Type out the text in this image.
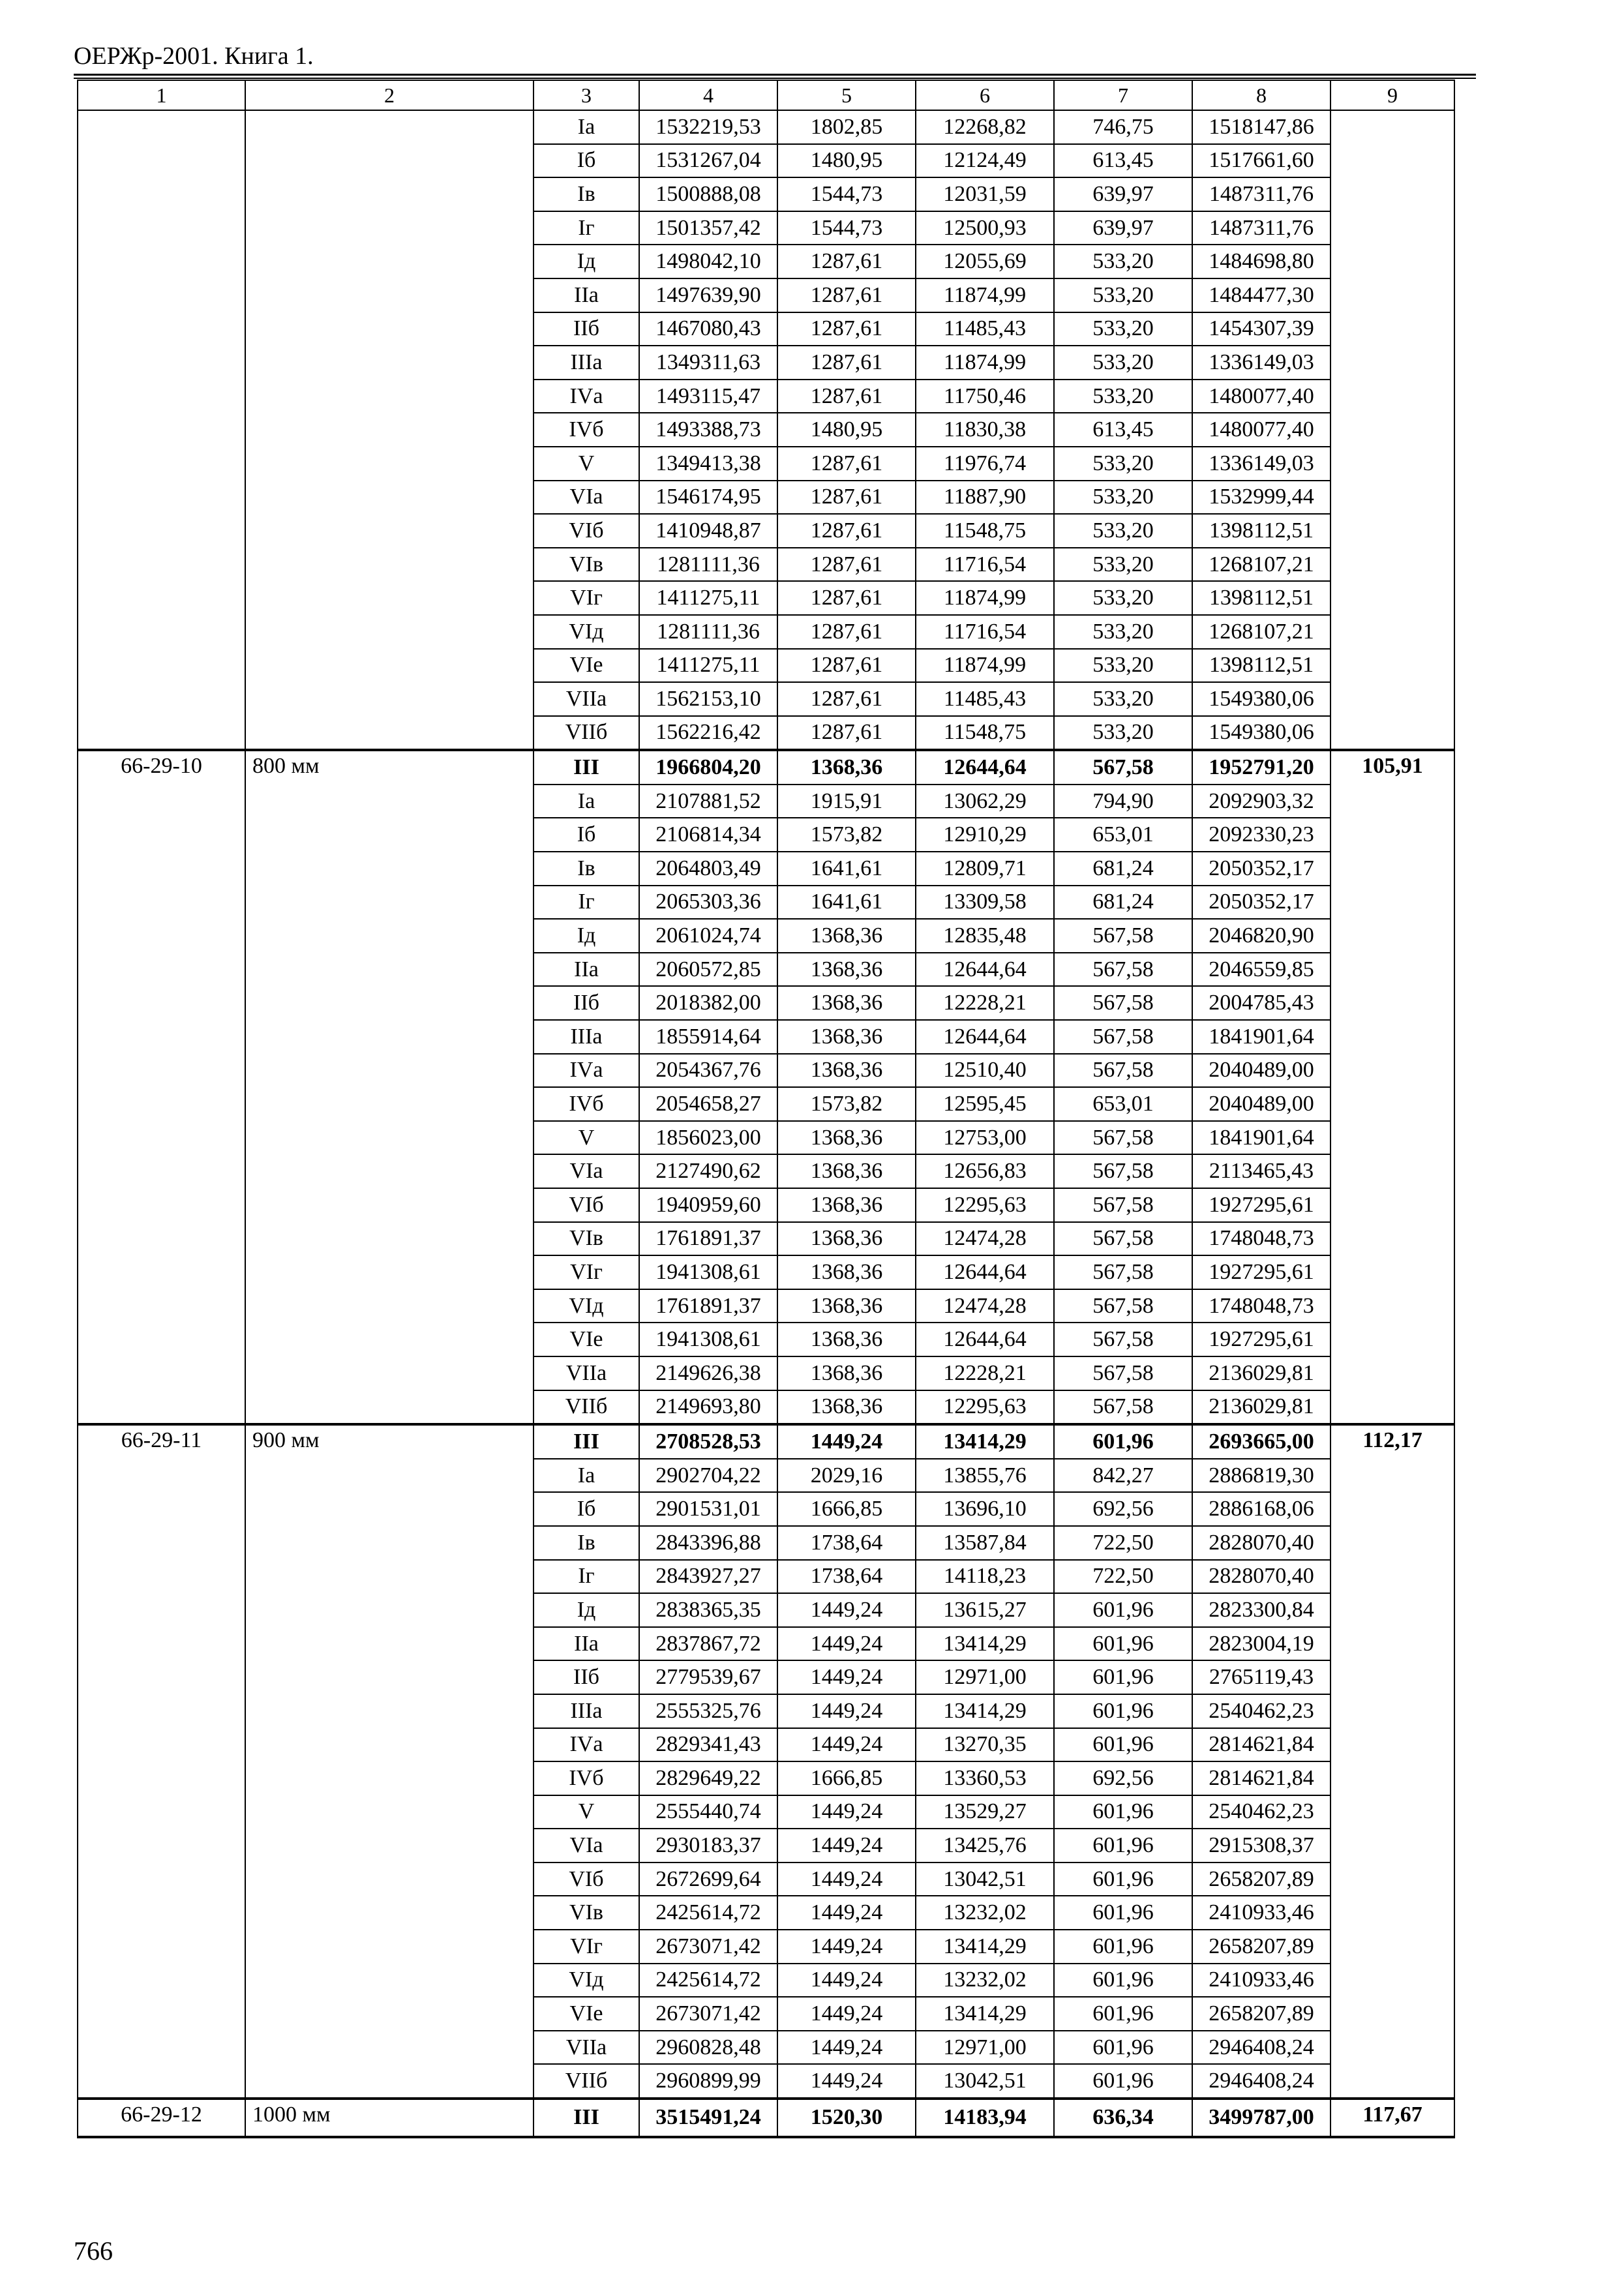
ОЕРЖр-2001. Книга 1.
1	2	3	4	5	6	7	8	9
		Iа	1532219,53	1802,85	12268,82	746,75	1518147,86	
		Iб	1531267,04	1480,95	12124,49	613,45	1517661,60	
		Iв	1500888,08	1544,73	12031,59	639,97	1487311,76	
		Iг	1501357,42	1544,73	12500,93	639,97	1487311,76	
		Iд	1498042,10	1287,61	12055,69	533,20	1484698,80	
		IIа	1497639,90	1287,61	11874,99	533,20	1484477,30	
		IIб	1467080,43	1287,61	11485,43	533,20	1454307,39	
		IIIа	1349311,63	1287,61	11874,99	533,20	1336149,03	
		IVа	1493115,47	1287,61	11750,46	533,20	1480077,40	
		IVб	1493388,73	1480,95	11830,38	613,45	1480077,40	
		V	1349413,38	1287,61	11976,74	533,20	1336149,03	
		VIа	1546174,95	1287,61	11887,90	533,20	1532999,44	
		VIб	1410948,87	1287,61	11548,75	533,20	1398112,51	
		VIв	1281111,36	1287,61	11716,54	533,20	1268107,21	
		VIг	1411275,11	1287,61	11874,99	533,20	1398112,51	
		VIд	1281111,36	1287,61	11716,54	533,20	1268107,21	
		VIе	1411275,11	1287,61	11874,99	533,20	1398112,51	
		VIIа	1562153,10	1287,61	11485,43	533,20	1549380,06	
		VIIб	1562216,42	1287,61	11548,75	533,20	1549380,06	
66-29-10	800 мм	III	1966804,20	1368,36	12644,64	567,58	1952791,20	105,91
		Iа	2107881,52	1915,91	13062,29	794,90	2092903,32	
		Iб	2106814,34	1573,82	12910,29	653,01	2092330,23	
		Iв	2064803,49	1641,61	12809,71	681,24	2050352,17	
		Iг	2065303,36	1641,61	13309,58	681,24	2050352,17	
		Iд	2061024,74	1368,36	12835,48	567,58	2046820,90	
		IIа	2060572,85	1368,36	12644,64	567,58	2046559,85	
		IIб	2018382,00	1368,36	12228,21	567,58	2004785,43	
		IIIа	1855914,64	1368,36	12644,64	567,58	1841901,64	
		IVа	2054367,76	1368,36	12510,40	567,58	2040489,00	
		IVб	2054658,27	1573,82	12595,45	653,01	2040489,00	
		V	1856023,00	1368,36	12753,00	567,58	1841901,64	
		VIа	2127490,62	1368,36	12656,83	567,58	2113465,43	
		VIб	1940959,60	1368,36	12295,63	567,58	1927295,61	
		VIв	1761891,37	1368,36	12474,28	567,58	1748048,73	
		VIг	1941308,61	1368,36	12644,64	567,58	1927295,61	
		VIд	1761891,37	1368,36	12474,28	567,58	1748048,73	
		VIе	1941308,61	1368,36	12644,64	567,58	1927295,61	
		VIIа	2149626,38	1368,36	12228,21	567,58	2136029,81	
		VIIб	2149693,80	1368,36	12295,63	567,58	2136029,81	
66-29-11	900 мм	III	2708528,53	1449,24	13414,29	601,96	2693665,00	112,17
		Iа	2902704,22	2029,16	13855,76	842,27	2886819,30	
		Iб	2901531,01	1666,85	13696,10	692,56	2886168,06	
		Iв	2843396,88	1738,64	13587,84	722,50	2828070,40	
		Iг	2843927,27	1738,64	14118,23	722,50	2828070,40	
		Iд	2838365,35	1449,24	13615,27	601,96	2823300,84	
		IIа	2837867,72	1449,24	13414,29	601,96	2823004,19	
		IIб	2779539,67	1449,24	12971,00	601,96	2765119,43	
		IIIа	2555325,76	1449,24	13414,29	601,96	2540462,23	
		IVа	2829341,43	1449,24	13270,35	601,96	2814621,84	
		IVб	2829649,22	1666,85	13360,53	692,56	2814621,84	
		V	2555440,74	1449,24	13529,27	601,96	2540462,23	
		VIа	2930183,37	1449,24	13425,76	601,96	2915308,37	
		VIб	2672699,64	1449,24	13042,51	601,96	2658207,89	
		VIв	2425614,72	1449,24	13232,02	601,96	2410933,46	
		VIг	2673071,42	1449,24	13414,29	601,96	2658207,89	
		VIд	2425614,72	1449,24	13232,02	601,96	2410933,46	
		VIе	2673071,42	1449,24	13414,29	601,96	2658207,89	
		VIIа	2960828,48	1449,24	12971,00	601,96	2946408,24	
		VIIб	2960899,99	1449,24	13042,51	601,96	2946408,24	
66-29-12	1000 мм	III	3515491,24	1520,30	14183,94	636,34	3499787,00	117,67
766
